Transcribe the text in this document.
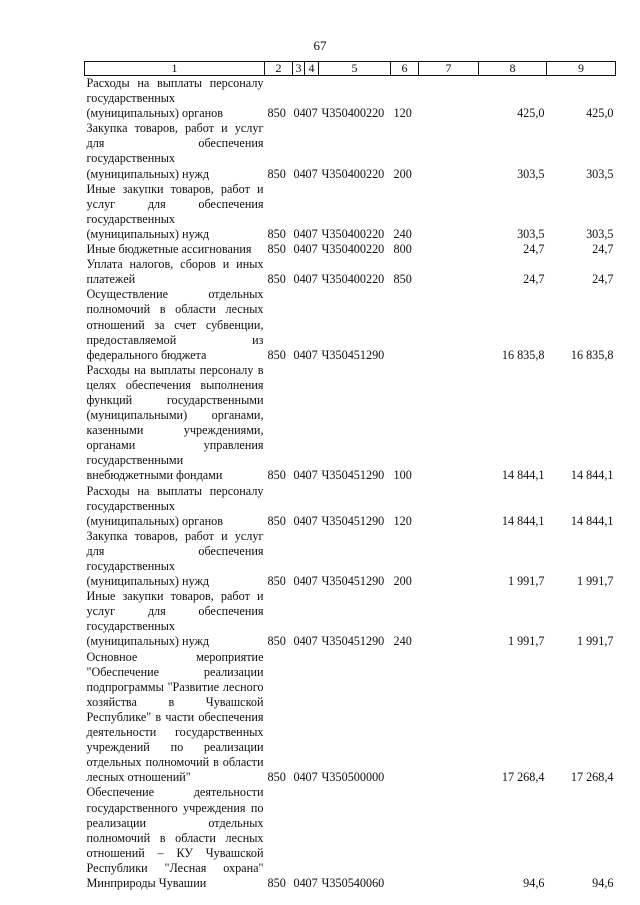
67
1	2	3	4	5	6	7	8	9
Расходы на выплаты персоналу государственных (муниципальных) органов	850	04	07	Ч350400220	120		425,0	425,0
Закупка товаров, работ и услуг для обеспечения государственных (муниципальных) нужд	850	04	07	Ч350400220	200		303,5	303,5
Иные закупки товаров, работ и услуг для обеспечения государственных (муниципальных) нужд	850	04	07	Ч350400220	240		303,5	303,5
Иные бюджетные ассигнования	850	04	07	Ч350400220	800		24,7	24,7
Уплата налогов, сборов и иных платежей	850	04	07	Ч350400220	850		24,7	24,7
Осуществление отдельных полномочий в области лесных отношений за счет субвенции, предоставляемой из федерального бюджета	850	04	07	Ч350451290			16 835,8	16 835,8
Расходы на выплаты персоналу в целях обеспечения выполнения функций государственными (муниципальными) органами, казенными учреждениями, органами управления государственными внебюджетными фондами	850	04	07	Ч350451290	100		14 844,1	14 844,1
Расходы на выплаты персоналу государственных (муниципальных) органов	850	04	07	Ч350451290	120		14 844,1	14 844,1
Закупка товаров, работ и услуг для обеспечения государственных (муниципальных) нужд	850	04	07	Ч350451290	200		1 991,7	1 991,7
Иные закупки товаров, работ и услуг для обеспечения государственных (муниципальных) нужд	850	04	07	Ч350451290	240		1 991,7	1 991,7
Основное мероприятие "Обеспечение реализации подпрограммы "Развитие лесного хозяйства в Чувашской Республике" в части обеспечения деятельности государственных учреждений по реализации отдельных полномочий в области лесных отношений"	850	04	07	Ч350500000			17 268,4	17 268,4
Обеспечение деятельности государственного учреждения по реализации отдельных полномочий в области лесных отношений – КУ Чувашской Республики "Лесная охрана" Минприроды Чувашии	850	04	07	Ч350540060			94,6	94,6
